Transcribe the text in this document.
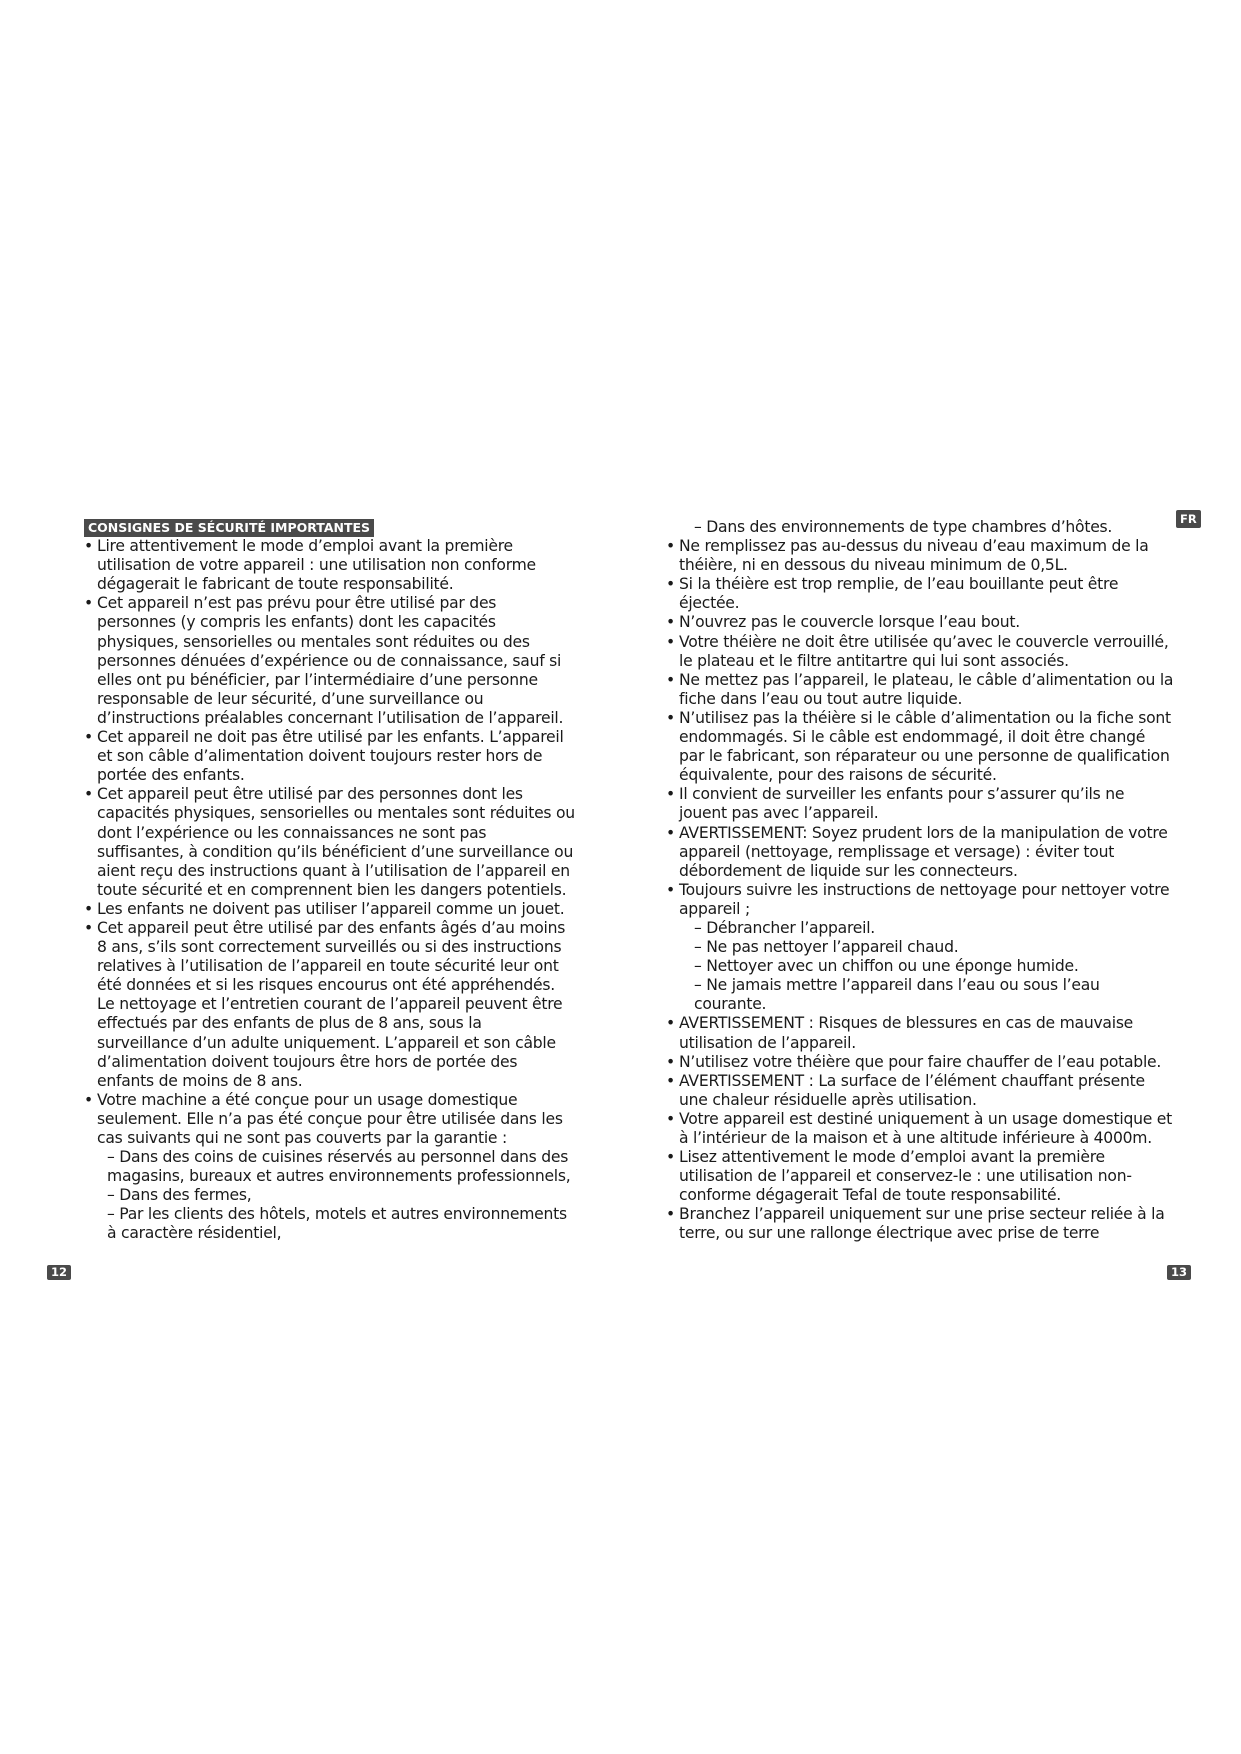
CONSIGNES DE SÉCURITÉ IMPORTANTES
• Lire attentivement le mode d’emploi avant la première utilisation de votre appareil : une utilisation non conforme dégagerait le fabricant de toute responsabilité.
• Cet appareil n’est pas prévu pour être utilisé par des personnes (y compris les enfants) dont les capacités physiques, sensorielles ou mentales sont réduites ou des personnes dénuées d’expérience ou de connaissance, sauf si elles ont pu bénéficier, par l’intermédiaire d’une personne responsable de leur sécurité, d’une surveillance ou d’instructions préalables concernant l’utilisation de l’appareil.
• Cet appareil ne doit pas être utilisé par les enfants. L’appareil et son câble d’alimentation doivent toujours rester hors de portée des enfants.
• Cet appareil peut être utilisé par des personnes dont les capacités physiques, sensorielles ou mentales sont réduites ou dont l’expérience ou les connaissances ne sont pas suffisantes, à condition qu’ils bénéficient d’une surveillance ou aient reçu des instructions quant à l’utilisation de l’appareil en toute sécurité et en comprennent bien les dangers potentiels.
• Les enfants ne doivent pas utiliser l’appareil comme un jouet.
• Cet appareil peut être utilisé par des enfants âgés d’au moins 8 ans, s’ils sont correctement surveillés ou si des instructions relatives à l’utilisation de l’appareil en toute sécurité leur ont été données et si les risques encourus ont été appréhendés. Le nettoyage et l’entretien courant de l’appareil peuvent être effectués par des enfants de plus de 8 ans, sous la surveillance d’un adulte uniquement. L’appareil et son câble d’alimentation doivent toujours être hors de portée des enfants de moins de 8 ans.
• Votre machine a été conçue pour un usage domestique seulement. Elle n’a pas été conçue pour être utilisée dans les cas suivants qui ne sont pas couverts par la garantie :
– Dans des coins de cuisines réservés au personnel dans des magasins, bureaux et autres environnements professionnels,
– Dans des fermes,
– Par les clients des hôtels, motels et autres environnements à caractère résidentiel,
– Dans des environnements de type chambres d’hôtes.
• Ne remplissez pas au-dessus du niveau d’eau maximum de la théière, ni en dessous du niveau minimum de 0,5L.
• Si la théière est trop remplie, de l’eau bouillante peut être éjectée.
• N’ouvrez pas le couvercle lorsque l’eau bout.
• Votre théière ne doit être utilisée qu’avec le couvercle verrouillé, le plateau et le filtre antitartre qui lui sont associés.
• Ne mettez pas l’appareil, le plateau, le câble d’alimentation ou la fiche dans l’eau ou tout autre liquide.
• N’utilisez pas la théière si le câble d’alimentation ou la fiche sont endommagés. Si le câble est endommagé, il doit être changé par le fabricant, son réparateur ou une personne de qualification équivalente, pour des raisons de sécurité.
• Il convient de surveiller les enfants pour s’assurer qu’ils ne jouent pas avec l’appareil.
• AVERTISSEMENT: Soyez prudent lors de la manipulation de votre appareil (nettoyage, remplissage et versage) : éviter tout débordement de liquide sur les connecteurs.
• Toujours suivre les instructions de nettoyage pour nettoyer votre appareil ;
– Débrancher l’appareil.
– Ne pas nettoyer l’appareil chaud.
– Nettoyer avec un chiffon ou une éponge humide.
– Ne jamais mettre l’appareil dans l’eau ou sous l’eau courante.
• AVERTISSEMENT : Risques de blessures en cas de mauvaise utilisation de l’appareil.
• N’utilisez votre théière que pour faire chauffer de l’eau potable.
• AVERTISSEMENT : La surface de l’élément chauffant présente une chaleur résiduelle après utilisation.
• Votre appareil est destiné uniquement à un usage domestique et à l’intérieur de la maison et à une altitude inférieure à 4000m.
• Lisez attentivement le mode d’emploi avant la première utilisation de l’appareil et conservez-le : une utilisation non-conforme dégagerait Tefal de toute responsabilité.
• Branchez l’appareil uniquement sur une prise secteur reliée à la terre, ou sur une rallonge électrique avec prise de terre
FR
12	13
